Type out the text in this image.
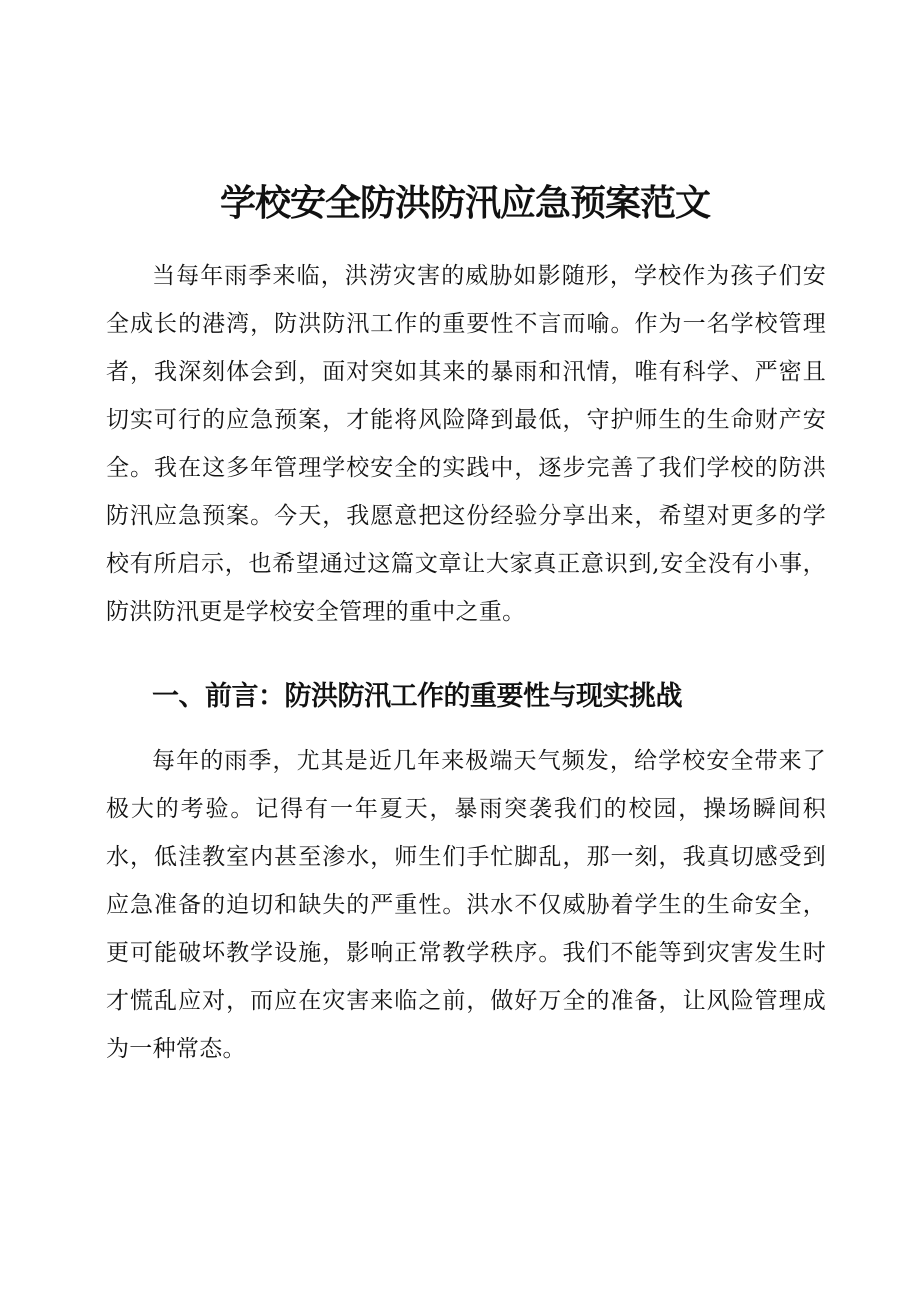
学校安全防洪防汛应急预案范文

当每年雨季来临，洪涝灾害的威胁如影随形，学校作为孩子们安全成长的港湾，防洪防汛工作的重要性不言而喻。作为一名学校管理者，我深刻体会到，面对突如其来的暴雨和汛情，唯有科学、严密且切实可行的应急预案，才能将风险降到最低，守护师生的生命财产安全。我在这多年管理学校安全的实践中，逐步完善了我们学校的防洪防汛应急预案。今天，我愿意把这份经验分享出来，希望对更多的学校有所启示，也希望通过这篇文章让大家真正意识到,安全没有小事，防洪防汛更是学校安全管理的重中之重。

一、前言：防洪防汛工作的重要性与现实挑战

每年的雨季，尤其是近几年来极端天气频发，给学校安全带来了极大的考验。记得有一年夏天，暴雨突袭我们的校园，操场瞬间积水，低洼教室内甚至渗水，师生们手忙脚乱，那一刻，我真切感受到应急准备的迫切和缺失的严重性。洪水不仅威胁着学生的生命安全，更可能破坏教学设施，影响正常教学秩序。我们不能等到灾害发生时才慌乱应对，而应在灾害来临之前，做好万全的准备，让风险管理成为一种常态。
